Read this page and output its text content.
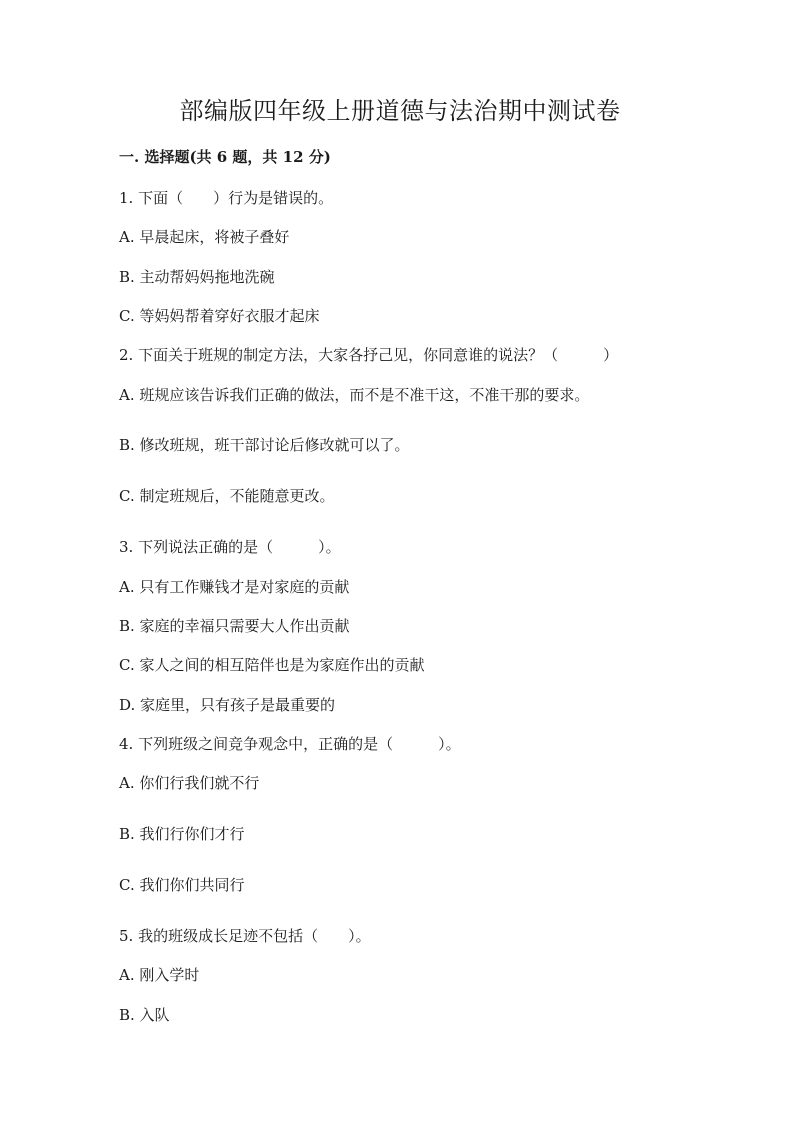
部编版四年级上册道德与法治期中测试卷
一. 选择题(共 6 题，共 12 分)
1. 下面（　　）行为是错误的。
A. 早晨起床，将被子叠好
B. 主动帮妈妈拖地洗碗
C. 等妈妈帮着穿好衣服才起床
2. 下面关于班规的制定方法，大家各抒己见，你同意谁的说法？（　　　）
A. 班规应该告诉我们正确的做法，而不是不准干这，不准干那的要求。
B. 修改班规，班干部讨论后修改就可以了。
C. 制定班规后，不能随意更改。
3. 下列说法正确的是（　　　）。
A. 只有工作赚钱才是对家庭的贡献
B. 家庭的幸福只需要大人作出贡献
C. 家人之间的相互陪伴也是为家庭作出的贡献
D. 家庭里，只有孩子是最重要的
4. 下列班级之间竞争观念中，正确的是（　　　）。
A. 你们行我们就不行
B. 我们行你们才行
C. 我们你们共同行
5. 我的班级成长足迹不包括（　　）。
A. 刚入学时
B. 入队
